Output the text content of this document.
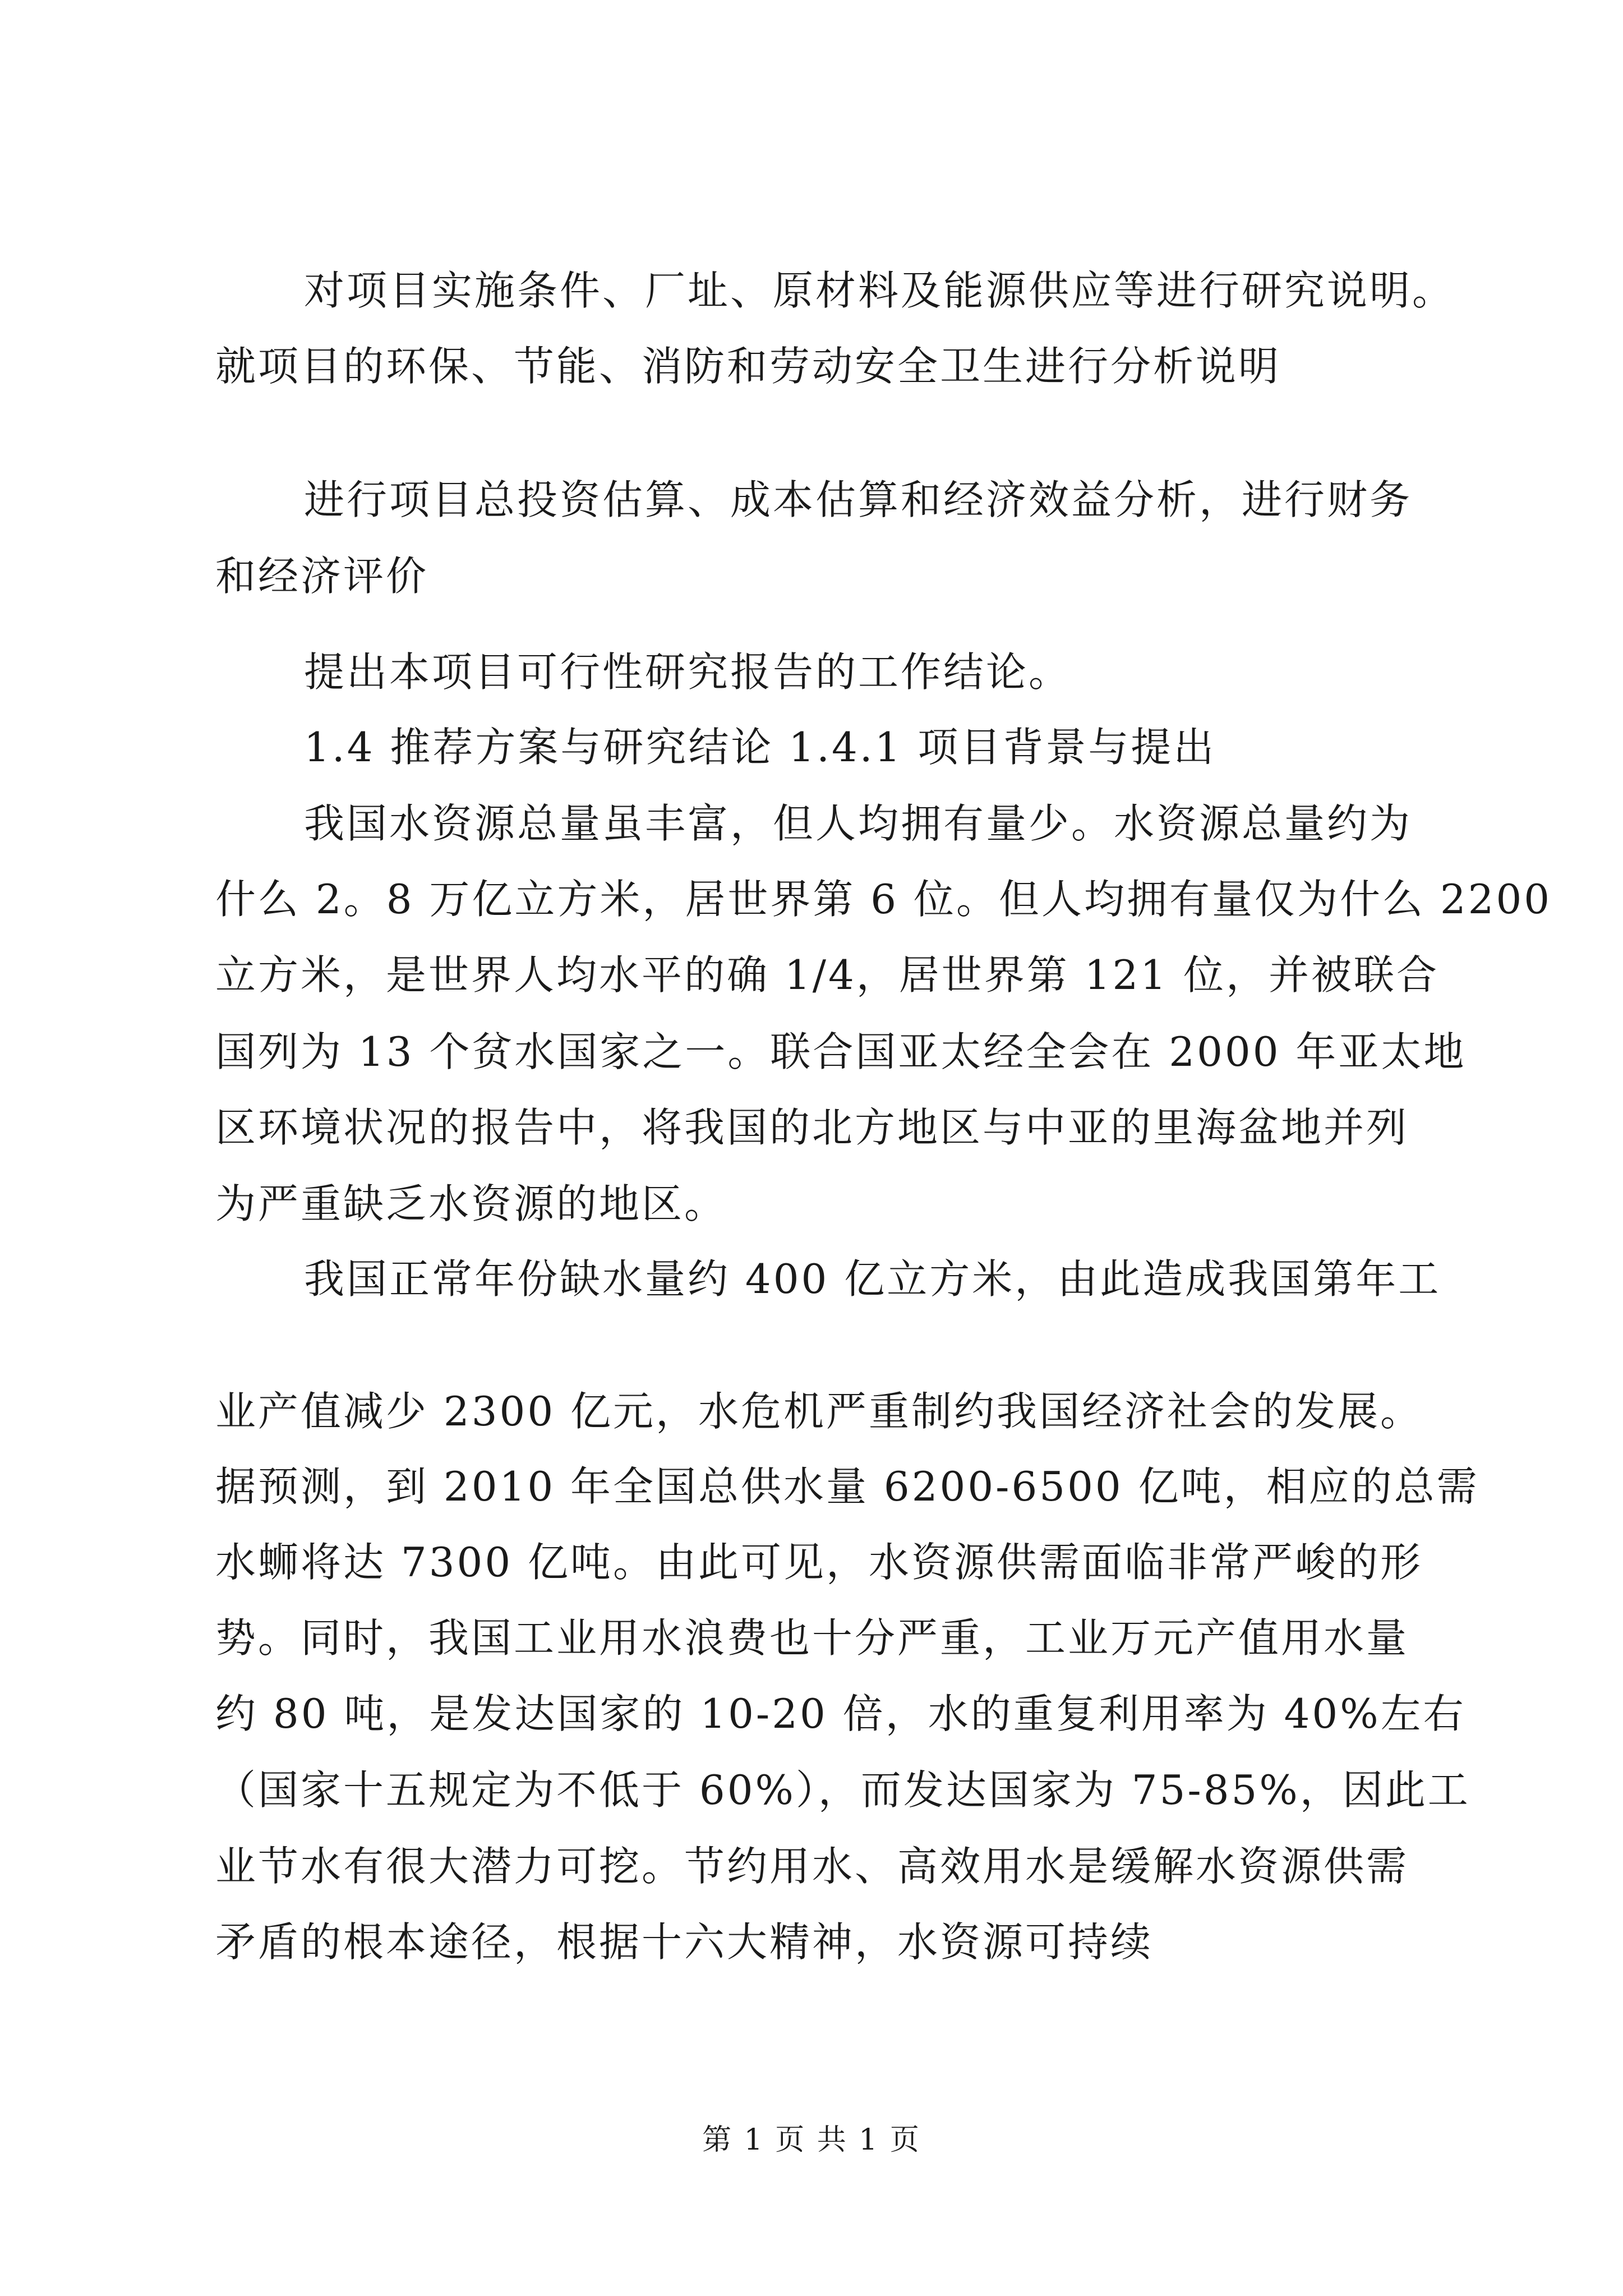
对项目实施条件、厂址、原材料及能源供应等进行研究说明。
就项目的环保、节能、消防和劳动安全卫生进行分析说明
进行项目总投资估算、成本估算和经济效益分析，进行财务
和经济评价
提出本项目可行性研究报告的工作结论。
1.4 推荐方案与研究结论 1.4.1 项目背景与提出
我国水资源总量虽丰富，但人均拥有量少。水资源总量约为
什么 2。8 万亿立方米，居世界第 6 位。但人均拥有量仅为什么 2200
立方米，是世界人均水平的确 1/4，居世界第 121 位，并被联合
国列为 13 个贫水国家之一。联合国亚太经全会在 2000 年亚太地
区环境状况的报告中，将我国的北方地区与中亚的里海盆地并列
为严重缺乏水资源的地区。
我国正常年份缺水量约 400 亿立方米，由此造成我国第年工
业产值减少 2300 亿元，水危机严重制约我国经济社会的发展。
据预测，到 2010 年全国总供水量 6200-6500 亿吨，相应的总需
水蛳将达 7300 亿吨。由此可见，水资源供需面临非常严峻的形
势。同时，我国工业用水浪费也十分严重，工业万元产值用水量
约 80 吨，是发达国家的 10-20 倍，水的重复利用率为 40%左右
（国家十五规定为不低于 60%），而发达国家为 75-85%，因此工
业节水有很大潜力可挖。节约用水、高效用水是缓解水资源供需
矛盾的根本途径，根据十六大精神，水资源可持续
第 1 页 共 1 页
